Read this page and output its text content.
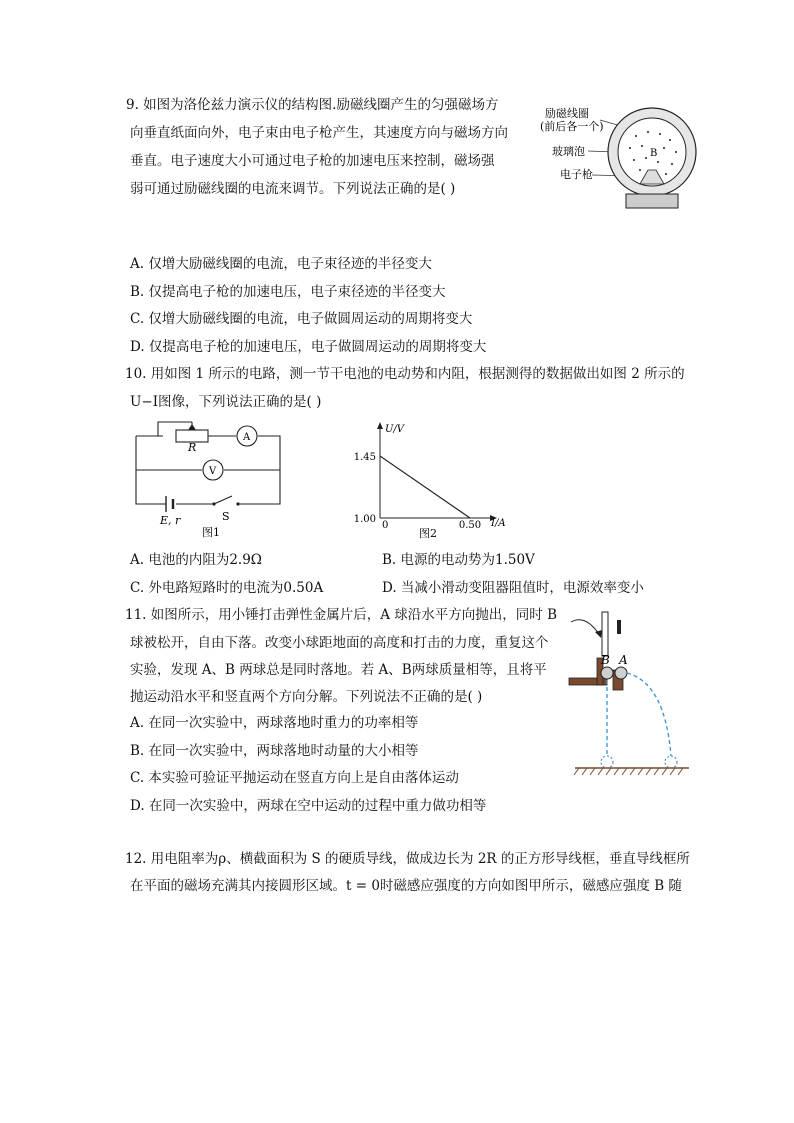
9. 如图为洛伦兹力演示仪的结构图.励磁线圈产生的匀强磁场方
向垂直纸面向外，电子束由电子枪产生，其速度方向与磁场方向
垂直。电子速度大小可通过电子枪的加速电压来控制，磁场强
弱可通过励磁线圈的电流来调节。下列说法正确的是( )
励磁线圈
(前后各一个)
玻璃泡
电子枪
B
A. 仅增大励磁线圈的电流，电子束径迹的半径变大
B. 仅提高电子枪的加速电压，电子束径迹的半径变大
C. 仅增大励磁线圈的电流，电子做圆周运动的周期将变大
D. 仅提高电子枪的加速电压，电子做圆周运动的周期将变大
10. 用如图 1 所示的电路，测一节干电池的电动势和内阻，根据测得的数据做出如图 2 所示的
U−I图像，下列说法正确的是( )
A
V
R
S
E, r
图1
U/V
I/A
1.45
1.00
0	0.50
图2
A. 电池的内阻为2.9Ω	B. 电源的电动势为1.50V
C. 外电路短路时的电流为0.50A	D. 当减小滑动变阻器阻值时，电源效率变小
11. 如图所示，用小锤打击弹性金属片后，A 球沿水平方向抛出，同时 B
球被松开，自由下落。改变小球距地面的高度和打击的力度，重复这个
实验，发现 A、B 两球总是同时落地。若 A、B两球质量相等，且将平
抛运动沿水平和竖直两个方向分解。下列说法不正确的是( )
B A
A. 在同一次实验中，两球落地时重力的功率相等
B. 在同一次实验中，两球落地时动量的大小相等
C. 本实验可验证平抛运动在竖直方向上是自由落体运动
D. 在同一次实验中，两球在空中运动的过程中重力做功相等
12. 用电阻率为ρ、横截面积为 S 的硬质导线，做成边长为 2R 的正方形导线框，垂直导线框所
在平面的磁场充满其内接圆形区域。t = 0时磁感应强度的方向如图甲所示，磁感应强度 B 随
